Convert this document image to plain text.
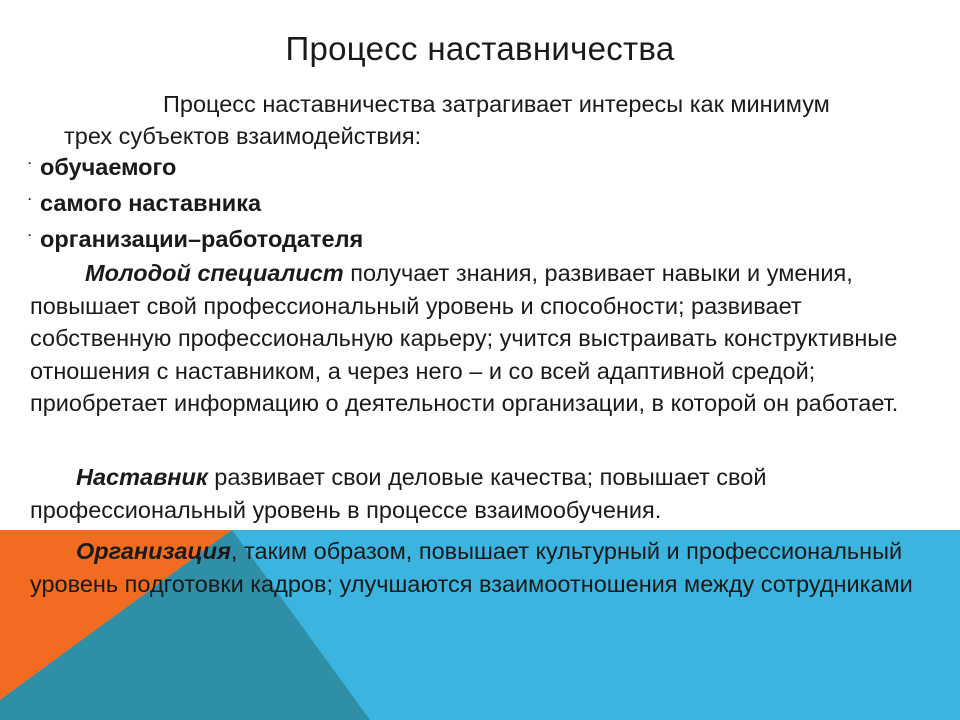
Процесс наставничества
Процесс наставничества затрагивает интересы как минимум
трех субъектов взаимодействия:
· обучаемого
· самого наставника
· организации–работодателя
Молодой специалист получает знания, развивает навыки и умения, повышает свой профессиональный уровень и способности; развивает собственную профессиональную карьеру; учится выстраивать конструктивные отношения с наставником, а через него – и со всей адаптивной средой; приобретает информацию о деятельности организации, в которой он работает.
Наставник развивает свои деловые качества; повышает свой профессиональный уровень в процессе взаимообучения.
Организация, таким образом, повышает культурный и профессиональный уровень подготовки кадров; улучшаются взаимоотношения между сотрудниками
